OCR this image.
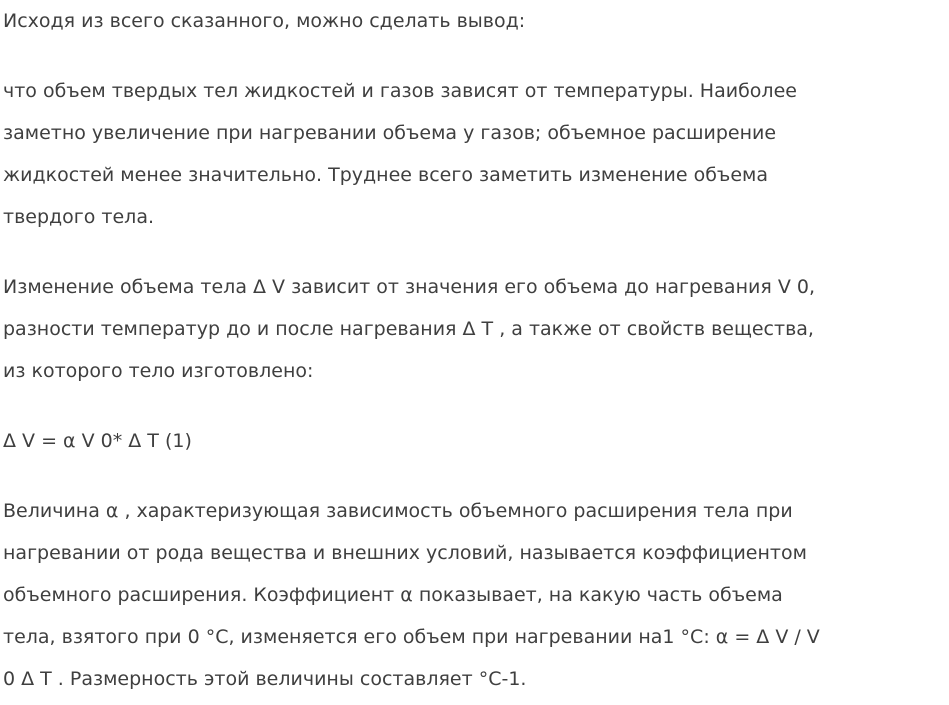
Исходя из всего сказанного, можно сделать вывод:

что объем твердых тел жидкостей и газов зависят от температуры. Наиболее

заметно увеличение при нагревании объема у газов; объемное расширение

жидкостей менее значительно. Труднее всего заметить изменение объема

твердого тела.

Изменение объема тела Δ V зависит от значения его объема до нагревания V 0,

разности температур до и после нагревания Δ T , а также от свойств вещества,

из которого тело изготовлено:

Δ V = α V 0* Δ T (1)

Величина α , характеризующая зависимость объемного расширения тела при

нагревании от рода вещества и внешних условий, называется коэффициентом

объемного расширения. Коэффициент α показывает, на какую часть объема

тела, взятого при 0 °C, изменяется его объем при нагревании на1 °C: α = Δ V / V

0 Δ T . Размерность этой величины составляет °C-1.
